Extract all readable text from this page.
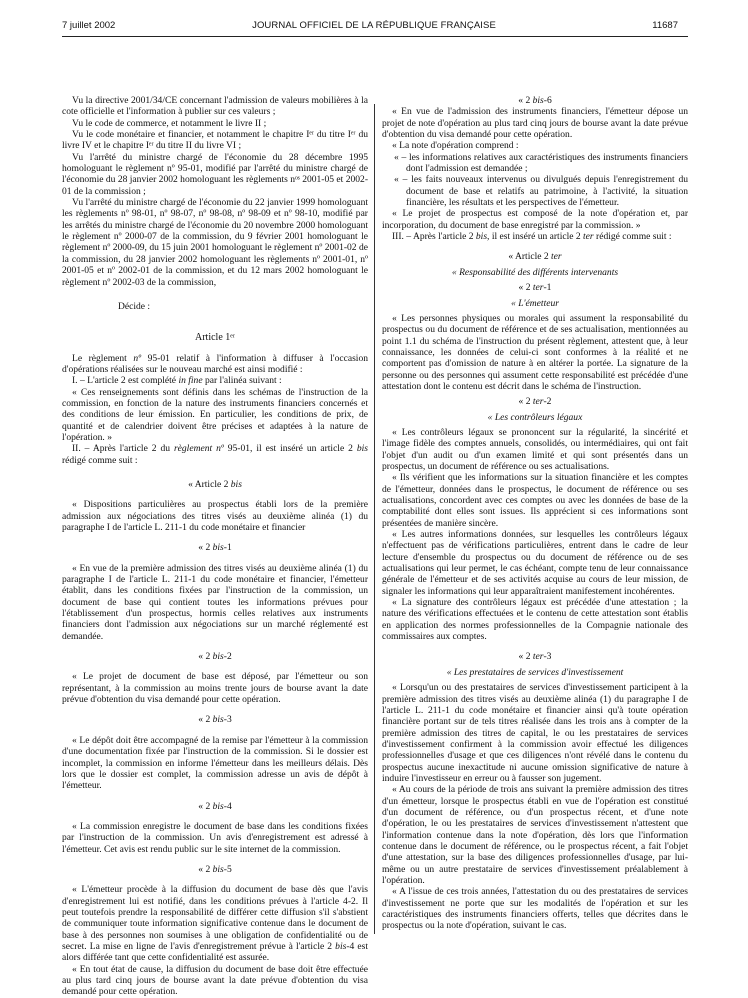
7 juillet 2002	JOURNAL OFFICIEL DE LA RÉPUBLIQUE FRANÇAISE	11687

Vu la directive 2001/34/CE concernant l'admission de valeurs mobilières à la cote officielle et l'information à publier sur ces valeurs ;

Vu le code de commerce, et notamment le livre II ;

Vu le code monétaire et financier, et notamment le chapitre Iᵉʳ du titre Iᵉʳ du livre IV et le chapitre Iᵉʳ du titre II du livre VI ;

Vu l'arrêté du ministre chargé de l'économie du 28 décembre 1995 homologuant le règlement nº 95-01, modifié par l'arrêté du ministre chargé de l'économie du 28 janvier 2002 homologuant les règlements nᵒˢ 2001-05 et 2002-01 de la commission ;

Vu l'arrêté du ministre chargé de l'économie du 22 janvier 1999 homologuant les règlements nº 98-01, nº 98-07, nº 98-08, nº 98-09 et nº 98-10, modifié par les arrêtés du ministre chargé de l'économie du 20 novembre 2000 homologuant le règlement nº 2000-07 de la commission, du 9 février 2001 homologuant le règlement nº 2000-09, du 15 juin 2001 homologuant le règlement nº 2001-02 de la commission, du 28 janvier 2002 homologuant les règlements nº 2001-01, nº 2001-05 et nº 2002-01 de la commission, et du 12 mars 2002 homologuant le règlement nº 2002-03 de la commission,

Décide :

Article 1ᵉʳ

Le règlement nº 95-01 relatif à l'information à diffuser à l'occasion d'opérations réalisées sur le nouveau marché est ainsi modifié :

I. – L'article 2 est complété in fine par l'alinéa suivant :

« Ces renseignements sont définis dans les schémas de l'instruction de la commission, en fonction de la nature des instruments financiers concernés et des conditions de leur émission. En particulier, les conditions de prix, de quantité et de calendrier doivent être précises et adaptées à la nature de l'opération. »

II. – Après l'article 2 du règlement nº 95-01, il est inséré un article 2 bis rédigé comme suit :

« Article 2 bis

« Dispositions particulières au prospectus établi lors de la première admission aux négociations des titres visés au deuxième alinéa (1) du paragraphe I de l'article L. 211-1 du code monétaire et financier

« 2 bis-1

« En vue de la première admission des titres visés au deuxième alinéa (1) du paragraphe I de l'article L. 211-1 du code monétaire et financier, l'émetteur établit, dans les conditions fixées par l'instruction de la commission, un document de base qui contient toutes les informations prévues pour l'établissement d'un prospectus, hormis celles relatives aux instruments financiers dont l'admission aux négociations sur un marché réglementé est demandée.

« 2 bis-2

« Le projet de document de base est déposé, par l'émetteur ou son représentant, à la commission au moins trente jours de bourse avant la date prévue d'obtention du visa demandé pour cette opération.

« 2 bis-3

« Le dépôt doit être accompagné de la remise par l'émetteur à la commission d'une documentation fixée par l'instruction de la commission. Si le dossier est incomplet, la commission en informe l'émetteur dans les meilleurs délais. Dès lors que le dossier est complet, la commission adresse un avis de dépôt à l'émetteur.

« 2 bis-4

« La commission enregistre le document de base dans les conditions fixées par l'instruction de la commission. Un avis d'enregistrement est adressé à l'émetteur. Cet avis est rendu public sur le site internet de la commission.

« 2 bis-5

« L'émetteur procède à la diffusion du document de base dès que l'avis d'enregistrement lui est notifié, dans les conditions prévues à l'article 4-2. Il peut toutefois prendre la responsabilité de différer cette diffusion s'il s'abstient de communiquer toute information significative contenue dans le document de base à des personnes non soumises à une obligation de confidentialité ou de secret. La mise en ligne de l'avis d'enregistrement prévue à l'article 2 bis-4 est alors différée tant que cette confidentialité est assurée.

« En tout état de cause, la diffusion du document de base doit être effectuée au plus tard cinq jours de bourse avant la date prévue d'obtention du visa demandé pour cette opération.

« 2 bis-6

« En vue de l'admission des instruments financiers, l'émetteur dépose un projet de note d'opération au plus tard cinq jours de bourse avant la date prévue d'obtention du visa demandé pour cette opération.

« La note d'opération comprend :

« – les informations relatives aux caractéristiques des instruments financiers dont l'admission est demandée ;

« – les faits nouveaux intervenus ou divulgués depuis l'enregistrement du document de base et relatifs au patrimoine, à l'activité, la situation financière, les résultats et les perspectives de l'émetteur.

« Le projet de prospectus est composé de la note d'opération et, par incorporation, du document de base enregistré par la commission. »

III. – Après l'article 2 bis, il est inséré un article 2 ter rédigé comme suit :

« Article 2 ter

« Responsabilité des différents intervenants

« 2 ter-1

« L'émetteur

« Les personnes physiques ou morales qui assument la responsabilité du prospectus ou du document de référence et de ses actualisation, mentionnées au point 1.1 du schéma de l'instruction du présent règlement, attestent que, à leur connaissance, les données de celui-ci sont conformes à la réalité et ne comportent pas d'omission de nature à en altérer la portée. La signature de la personne ou des personnes qui assument cette responsabilité est précédée d'une attestation dont le contenu est décrit dans le schéma de l'instruction.

« 2 ter-2

« Les contrôleurs légaux

« Les contrôleurs légaux se prononcent sur la régularité, la sincérité et l'image fidèle des comptes annuels, consolidés, ou intermédiaires, qui ont fait l'objet d'un audit ou d'un examen limité et qui sont présentés dans un prospectus, un document de référence ou ses actualisations.

« Ils vérifient que les informations sur la situation financière et les comptes de l'émetteur, données dans le prospectus, le document de référence ou ses actualisations, concordent avec ces comptes ou avec les données de base de la comptabilité dont elles sont issues. Ils apprécient si ces informations sont présentées de manière sincère.

« Les autres informations données, sur lesquelles les contrôleurs légaux n'effectuent pas de vérifications particulières, entrent dans le cadre de leur lecture d'ensemble du prospectus ou du document de référence ou de ses actualisations qui leur permet, le cas échéant, compte tenu de leur connaissance générale de l'émetteur et de ses activités acquise au cours de leur mission, de signaler les informations qui leur apparaîtraient manifestement incohérentes.

« La signature des contrôleurs légaux est précédée d'une attestation ; la nature des vérifications effectuées et le contenu de cette attestation sont établis en application des normes professionnelles de la Compagnie nationale des commissaires aux comptes.

« 2 ter-3

« Les prestataires de services d'investissement

« Lorsqu'un ou des prestataires de services d'investissement participent à la première admission des titres visés au deuxième alinéa (1) du paragraphe I de l'article L. 211-1 du code monétaire et financier ainsi qu'à toute opération financière portant sur de tels titres réalisée dans les trois ans à compter de la première admission des titres de capital, le ou les prestataires de services d'investissement confirment à la commission avoir effectué les diligences professionnelles d'usage et que ces diligences n'ont révélé dans le contenu du prospectus aucune inexactitude ni aucune omission significative de nature à induire l'investisseur en erreur ou à fausser son jugement.

« Au cours de la période de trois ans suivant la première admission des titres d'un émetteur, lorsque le prospectus établi en vue de l'opération est constitué d'un document de référence, ou d'un prospectus récent, et d'une note d'opération, le ou les prestataires de services d'investissement n'attestent que l'information contenue dans la note d'opération, dès lors que l'information contenue dans le document de référence, ou le prospectus récent, a fait l'objet d'une attestation, sur la base des diligences professionnelles d'usage, par lui-même ou un autre prestataire de services d'investissement préalablement à l'opération.

« A l'issue de ces trois années, l'attestation du ou des prestataires de services d'investissement ne porte que sur les modalités de l'opération et sur les caractéristiques des instruments financiers offerts, telles que décrites dans le prospectus ou la note d'opération, suivant le cas.
